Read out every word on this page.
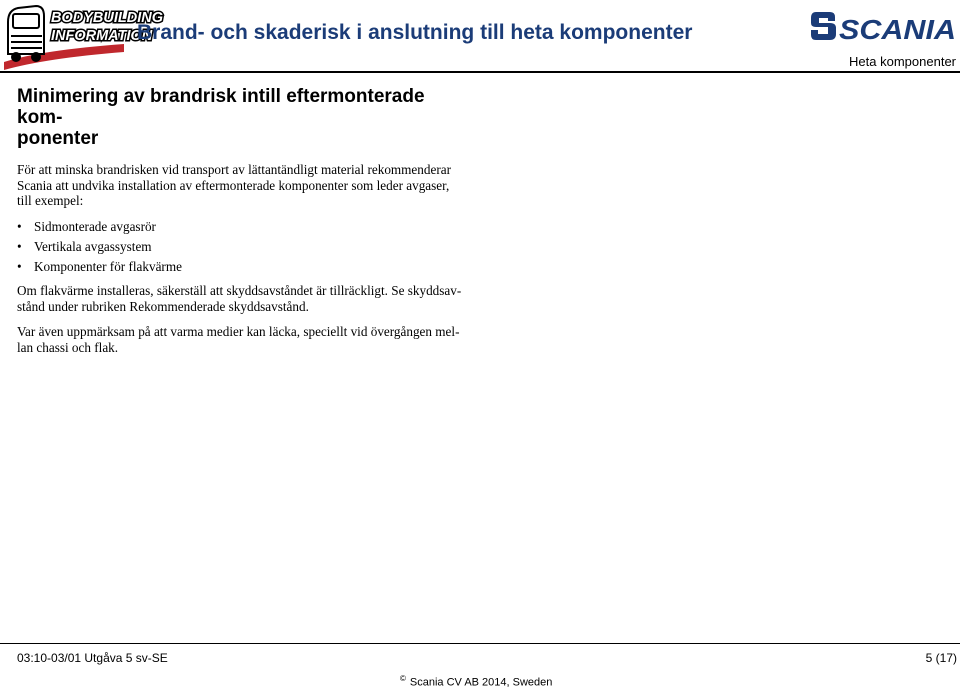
BODYBUILDING
INFORMATION
Brand- och skaderisk i anslutning till heta komponenter	SCANIA
Heta komponenter
Minimering av brandrisk intill eftermonterade kom-
ponenter

För att minska brandrisken vid transport av lättantändligt material rekommenderar
Scania att undvika installation av eftermonterade komponenter som leder avgaser,
till exempel:

• Sidmonterade avgasrör
• Vertikala avgassystem
• Komponenter för flakvärme

Om flakvärme installeras, säkerställ att skyddsavståndet är tillräckligt. Se skyddsav-
stånd under rubriken Rekommenderade skyddsavstånd.

Var även uppmärksam på att varma medier kan läcka, speciellt vid övergången mel-
lan chassi och flak.

03:10-03/01 Utgåva 5 sv-SE	5 (17)
© Scania CV AB 2014, Sweden
